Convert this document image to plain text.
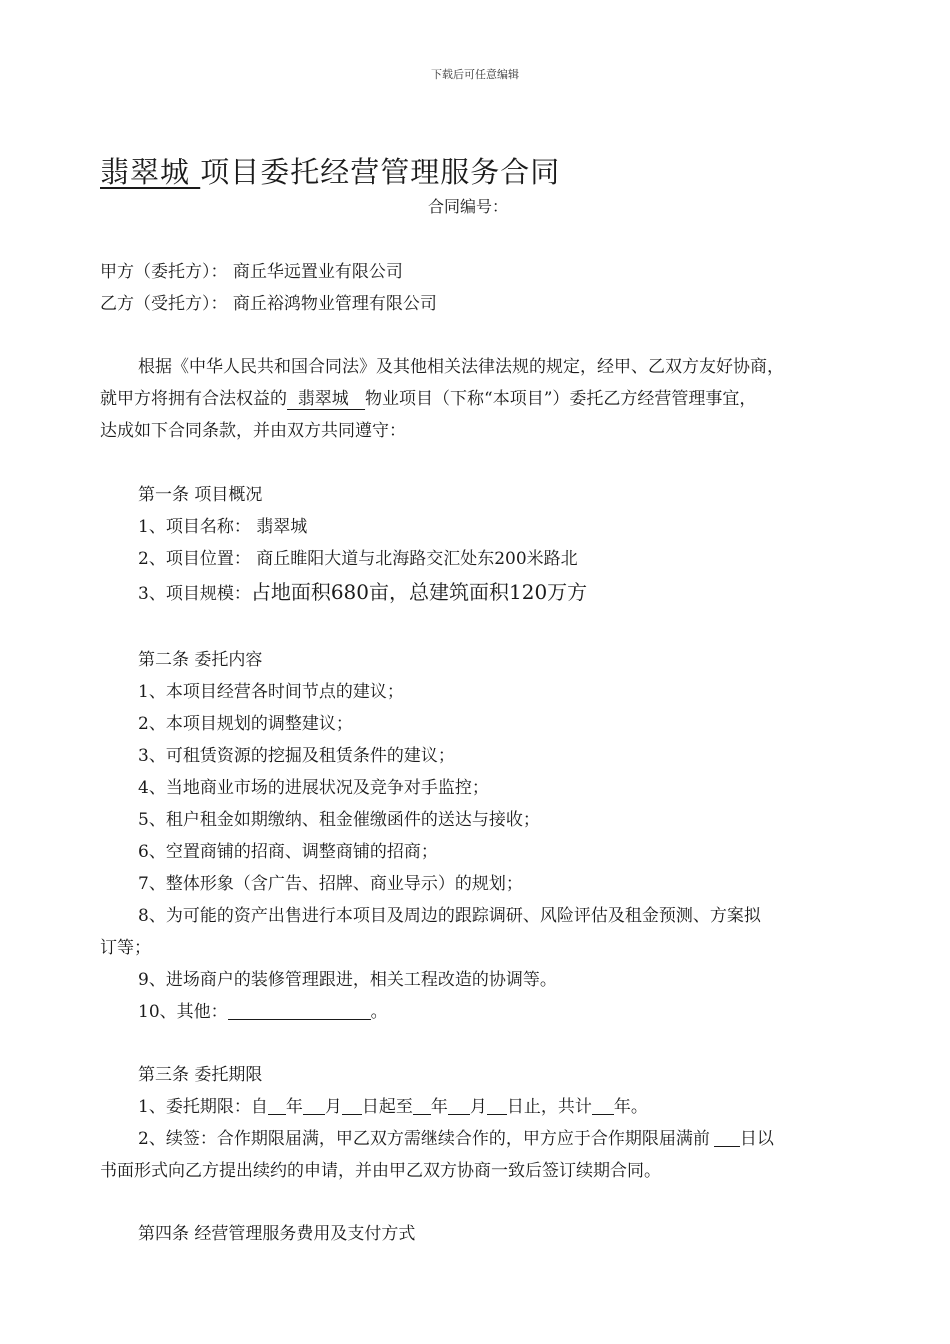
下载后可任意编辑
翡翠城 项目委托经营管理服务合同
合同编号：
甲方（委托方）： 商丘华远置业有限公司
乙方（受托方）： 商丘裕鸿物业管理有限公司
根据《中华人民共和国合同法》及其他相关法律法规的规定，经甲、乙双方友好协商，
就甲方将拥有合法权益的  翡翠城   物业项目（下称“本项目”）委托乙方经营管理事宜，
达成如下合同条款，并由双方共同遵守：
第一条 项目概况
1、项目名称： 翡翠城
2、项目位置： 商丘睢阳大道与北海路交汇处东200米路北
3、项目规模：占地面积680亩，总建筑面积120万方
第二条 委托内容
1、本项目经营各时间节点的建议；
2、本项目规划的调整建议；
3、可租赁资源的挖掘及租赁条件的建议；
4、当地商业市场的进展状况及竞争对手监控；
5、租户租金如期缴纳、租金催缴函件的送达与接收；
6、空置商铺的招商、调整商铺的招商；
7、整体形象（含广告、招牌、商业导示）的规划；
8、为可能的资产出售进行本项目及周边的跟踪调研、风险评估及租金预测、方案拟
订等；
9、进场商户的装修管理跟进，相关工程改造的协调等。
10、其他：	。
第三条 委托期限
1、委托期限：自 年 月 日起至 年 月 日止，共计 年。
2、续签：合作期限届满，甲乙双方需继续合作的，甲方应于合作期限届满前 日以
书面形式向乙方提出续约的申请，并由甲乙双方协商一致后签订续期合同。
第四条 经营管理服务费用及支付方式
